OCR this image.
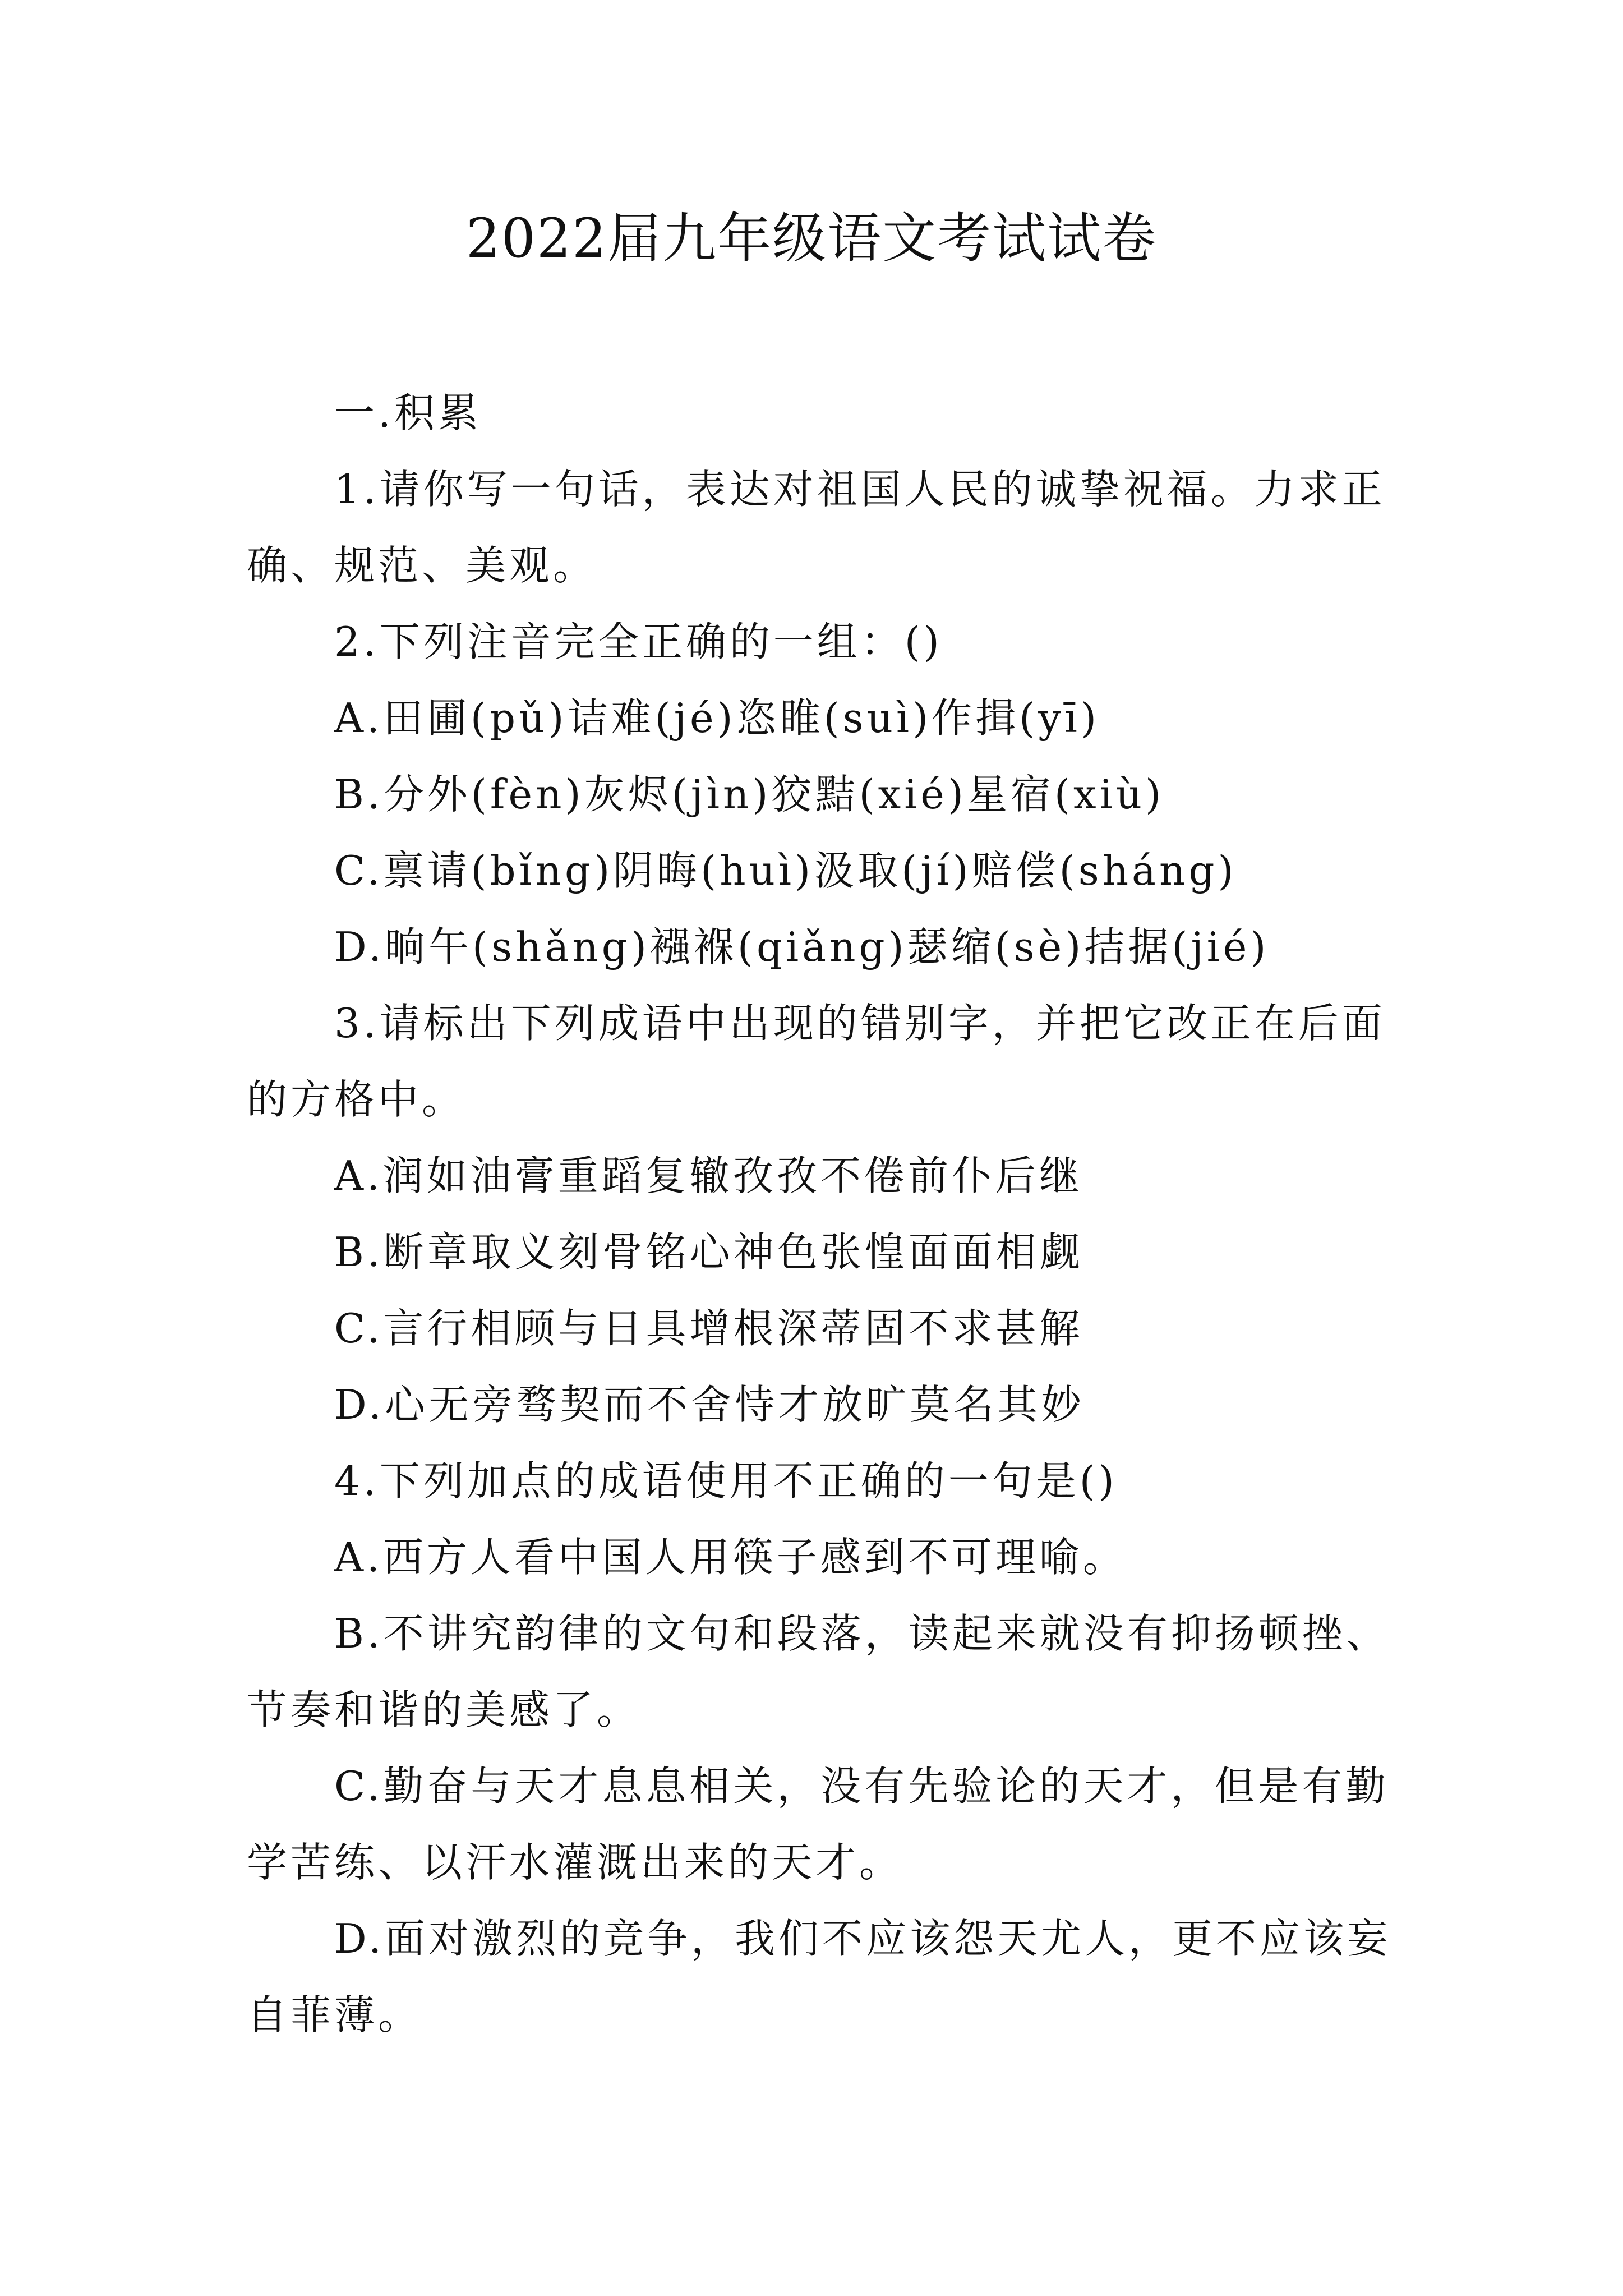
2022届九年级语文考试试卷
一.积累
1.请你写一句话，表达对祖国人民的诚挚祝福。力求正
确、规范、美观。
2.下列注音完全正确的一组：()
A.田圃(pǔ)诘难(jé)恣睢(suì)作揖(yī)
B.分外(fèn)灰烬(jìn)狡黠(xié)星宿(xiù)
C.禀请(bǐng)阴晦(huì)汲取(jí)赔偿(sháng)
D.晌午(shǎng)襁褓(qiǎng)瑟缩(sè)拮据(jié)
3.请标出下列成语中出现的错别字，并把它改正在后面
的方格中。
A.润如油膏重蹈复辙孜孜不倦前仆后继
B.断章取义刻骨铭心神色张惶面面相觑
C.言行相顾与日具增根深蒂固不求甚解
D.心无旁骛契而不舍恃才放旷莫名其妙
4.下列加点的成语使用不正确的一句是()
A.西方人看中国人用筷子感到不可理喻。
B.不讲究韵律的文句和段落，读起来就没有抑扬顿挫、
节奏和谐的美感了。
C.勤奋与天才息息相关，没有先验论的天才，但是有勤
学苦练、以汗水灌溉出来的天才。
D.面对激烈的竞争，我们不应该怨天尤人，更不应该妄
自菲薄。
